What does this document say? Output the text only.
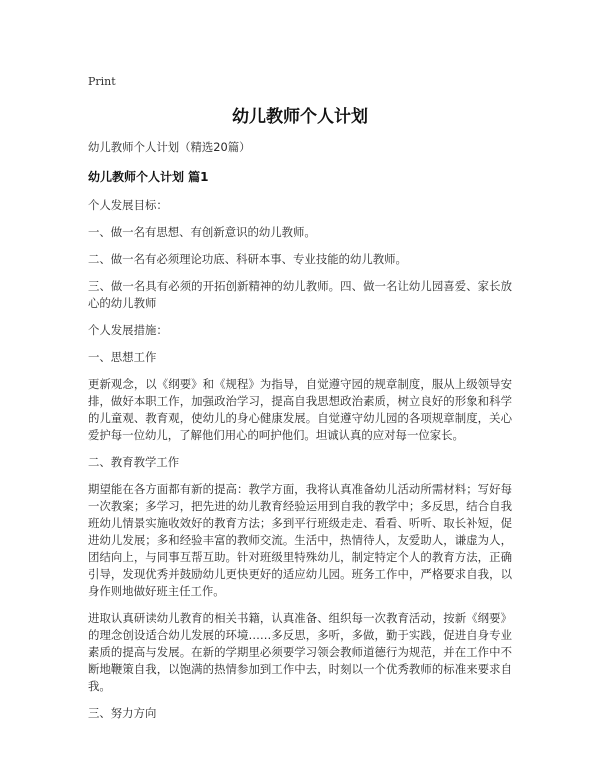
Print
幼儿教师个人计划
幼儿教师个人计划（精选20篇）
幼儿教师个人计划 篇1
个人发展目标：
一、做一名有思想、有创新意识的幼儿教师。
二、做一名有必须理论功底、科研本事、专业技能的幼儿教师。
三、做一名具有必须的开拓创新精神的幼儿教师。四、做一名让幼儿园喜爱、家长放心的幼儿教师
个人发展措施：
一、思想工作
更新观念，以《纲要》和《规程》为指导，自觉遵守园的规章制度，服从上级领导安排，做好本职工作，加强政治学习，提高自我思想政治素质，树立良好的形象和科学的儿童观、教育观，使幼儿的身心健康发展。自觉遵守幼儿园的各项规章制度，关心爱护每一位幼儿，了解他们用心的呵护他们。坦诚认真的应对每一位家长。
二、教育教学工作
期望能在各方面都有新的提高：教学方面，我将认真准备幼儿活动所需材料；写好每一次教案；多学习，把先进的幼儿教育经验运用到自我的教学中；多反思，结合自我班幼儿情景实施收效好的教育方法；多到平行班级走走、看看、听听、取长补短，促进幼儿发展；多和经验丰富的教师交流。生活中，热情待人，友爱助人，谦虚为人，团结向上，与同事互帮互助。针对班级里特殊幼儿，制定特定个人的教育方法，正确引导，发现优秀并鼓励幼儿更快更好的适应幼儿园。班务工作中，严格要求自我，以身作则地做好班主任工作。
进取认真研读幼儿教育的相关书籍，认真准备、组织每一次教育活动，按新《纲要》的理念创设适合幼儿发展的环境……多反思，多听，多做，勤于实践，促进自身专业素质的提高与发展。在新的学期里必须要学习领会教师道德行为规范，并在工作中不断地鞭策自我，以饱满的热情参加到工作中去，时刻以一个优秀教师的标准来要求自我。
三、努力方向
